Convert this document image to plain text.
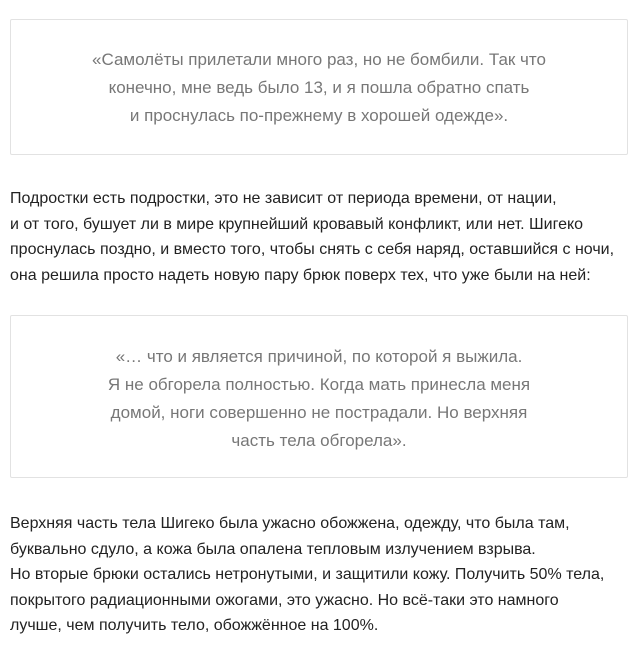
«Самолёты прилетали много раз, но не бомбили. Так что
конечно, мне ведь было 13, и я пошла обратно спать
и проснулась по-прежнему в хорошей одежде».
Подростки есть подростки, это не зависит от периода времени, от нации,
и от того, бушует ли в мире крупнейший кровавый конфликт, или нет. Шигеко
проснулась поздно, и вместо того, чтобы снять с себя наряд, оставшийся с ночи,
она решила просто надеть новую пару брюк поверх тех, что уже были на ней:
«… что и является причиной, по которой я выжила.
Я не обгорела полностью. Когда мать принесла меня
домой, ноги совершенно не пострадали. Но верхняя
часть тела обгорела».
Верхняя часть тела Шигеко была ужасно обожжена, одежду, что была там,
буквально сдуло, а кожа была опалена тепловым излучением взрыва.
Но вторые брюки остались нетронутыми, и защитили кожу. Получить 50% тела,
покрытого радиационными ожогами, это ужасно. Но всё-таки это намного
лучше, чем получить тело, обожжённое на 100%.
